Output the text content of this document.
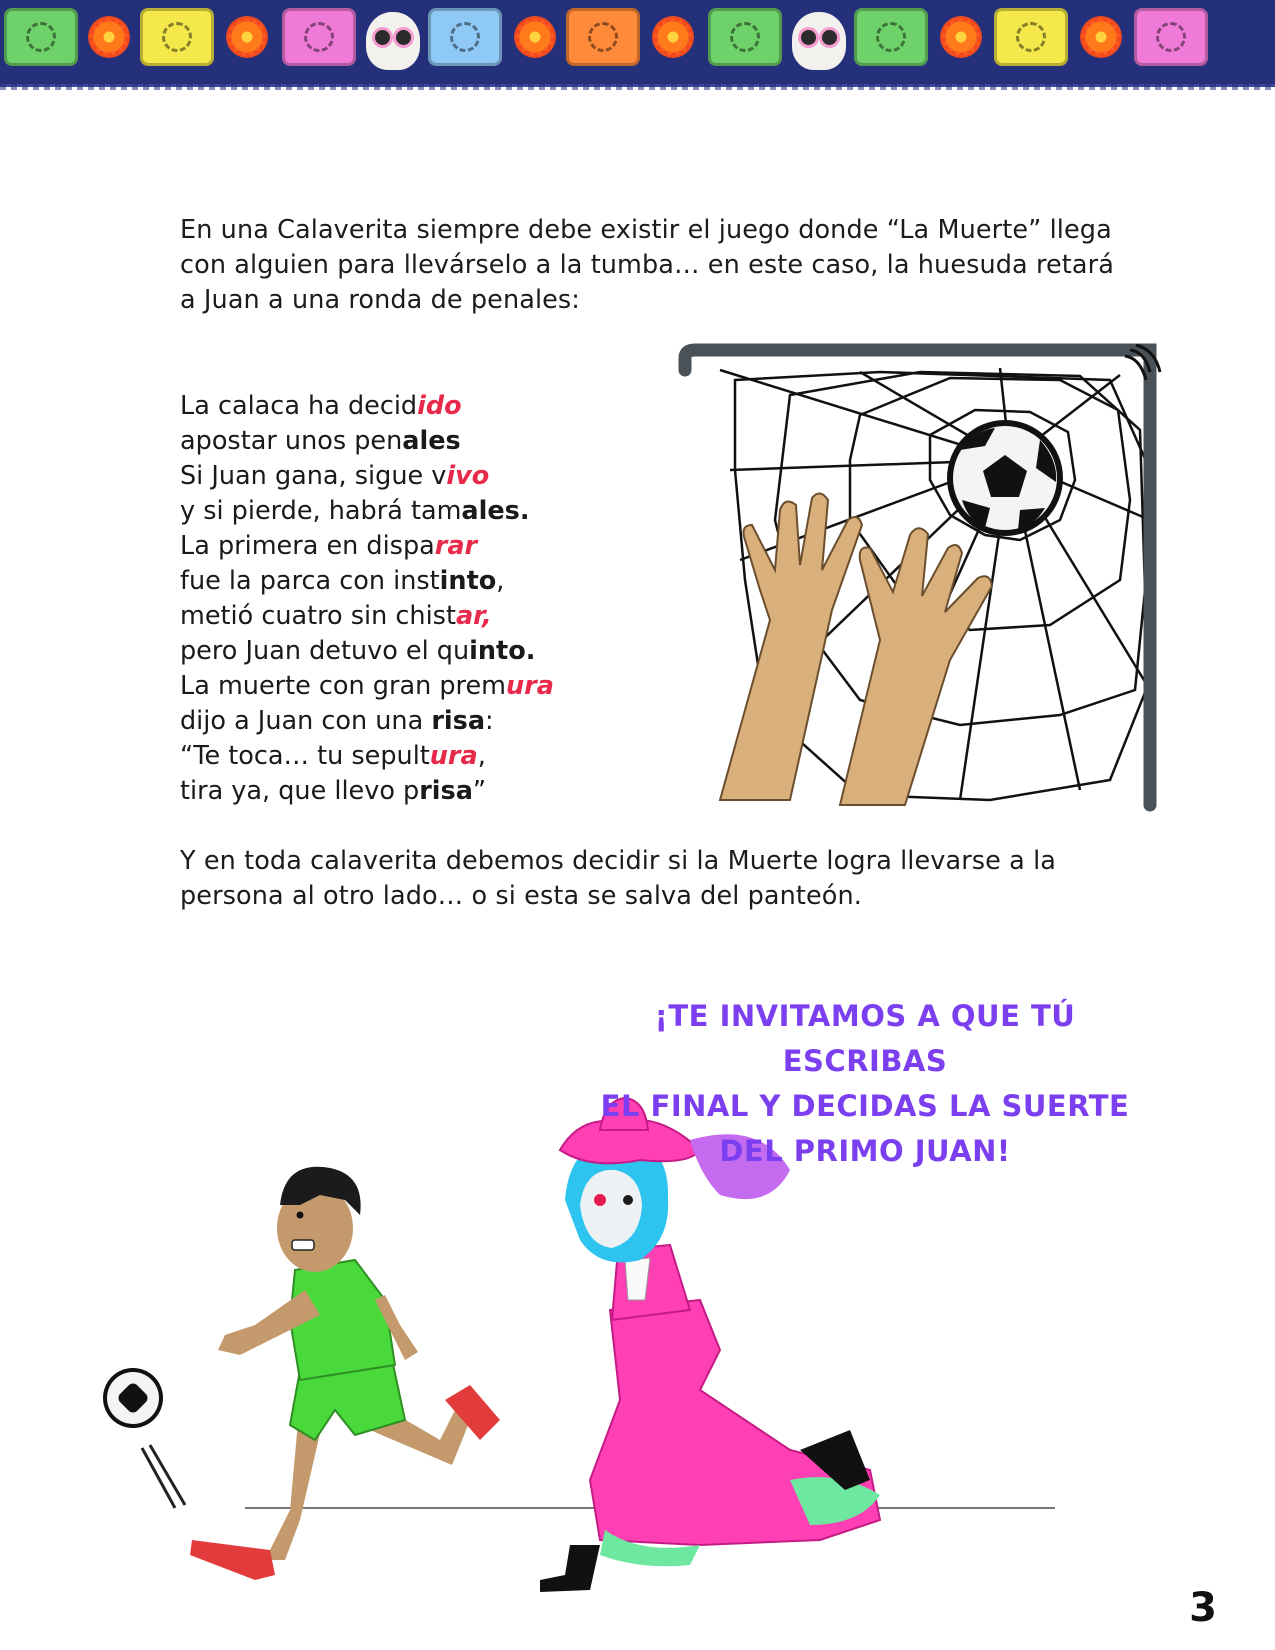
En una Calaverita siempre debe existir el juego donde “La Muerte” llega con alguien para llevárselo a la tumba… en este caso, la huesuda retará a Juan a una ronda de penales:

La calaca ha decidido
apostar unos penales
Si Juan gana, sigue vivo
y si pierde, habrá tamales.
La primera en disparar
fue la parca con instinto,
metió cuatro sin chistar,
pero Juan detuvo el quinto.
La muerte con gran premura
dijo a Juan con una risa:
“Te toca… tu sepultura,
tira ya, que llevo prisa”

Y en toda calaverita debemos decidir si la Muerte logra llevarse a la persona al otro lado… o si esta se salva del panteón.

¡TE INVITAMOS A QUE TÚ ESCRIBAS
EL FINAL Y DECIDAS LA SUERTE
DEL PRIMO JUAN!
3
